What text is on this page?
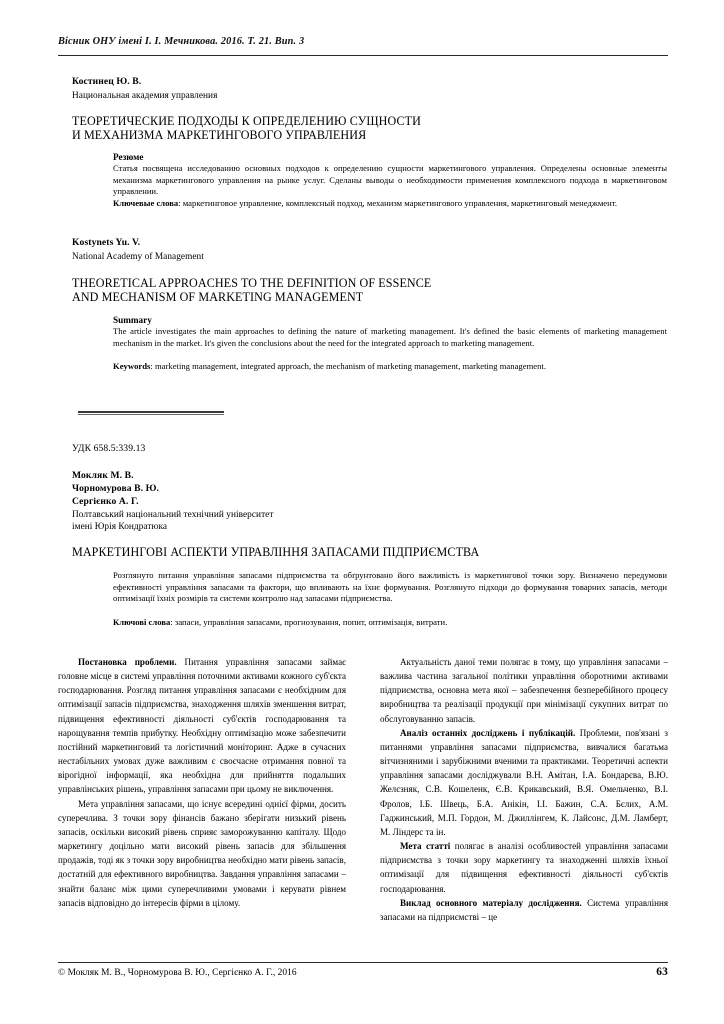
Вісник ОНУ імені І. І. Мечникова. 2016. Т. 21. Вип. 3
Костинец Ю. В.
Национальная академия управления
ТЕОРЕТИЧЕСКИЕ ПОДХОДЫ К ОПРЕДЕЛЕНИЮ СУЩНОСТИ
И МЕХАНИЗМА МАРКЕТИНГОВОГО УПРАВЛЕНИЯ
Резюме
Статья посвящена исследованию основных подходов к определению сущности маркетингового управления. Определены основные элементы механизма маркетингового управления на рынке услуг. Сделаны выводы о необходимости применения комплексного подхода в маркетинговом управлении.
Ключевые слова: маркетинговое управление, комплексный подход, механизм маркетингового управления, маркетинговый менеджмент.
Kostynets Yu. V.
National Academy of Management
THEORETICAL APPROACHES TO THE DEFINITION OF ESSENCE
AND MECHANISM OF MARKETING MANAGEMENT
Summary
The article investigates the main approaches to defining the nature of marketing management. It's defined the basic elements of marketing management mechanism in the market. It's given the conclusions about the need for the integrated approach to marketing management.
Keywords: marketing management, integrated approach, the mechanism of marketing management, marketing management.
УДК 658.5:339.13
Мокляк М. В.
Чорномурова В. Ю.
Сергієнко А. Г.
Полтавський національний технічний університет
імені Юрія Кондратюка
МАРКЕТИНГОВІ АСПЕКТИ УПРАВЛІННЯ ЗАПАСАМИ ПІДПРИЄМСТВА
Розглянуто питання управління запасами підприємства та обґрунтовано його важливість із маркетингової точки зору. Визначено передумови ефективності управління запасами та фактори, що впливають на їхнє формування. Розглянуто підходи до формування товарних запасів, методи оптимізації їхніх розмірів та системи контролю над запасами підприємства.
Ключові слова: запаси, управління запасами, прогнозування, попит, оптимізація, витрати.

Постановка проблеми. Питання управління запасами займає головне місце в системі управління поточними активами кожного суб'єкта господарювання. Розгляд питання управління запасами є необхідним для оптимізації запасів підприємства, знаходження шляхів зменшення витрат, підвищення ефективності діяльності суб'єктів господарювання та нарощування темпів прибутку. Необхідну оптимізацію може забезпечити постійний маркетинговий та логістичний моніторинг. Адже в сучасних нестабільних умовах дуже важливим є своєчасне отримання повної та вірогідної інформації, яка необхідна для прийняття подальших управлінських рішень, управління запасами при цьому не виключення.

Мета управління запасами, що існує всередині однієї фірми, досить суперечлива. З точки зору фінансів бажано зберігати низький рівень запасів, оскільки високий рівень сприяє заморожуванню капіталу. Щодо маркетингу доцільно мати високий рівень запасів для збільшення продажів, тоді як з точки зору виробництва необхідно мати рівень запасів, достатній для ефективного виробництва. Завдання управління запасами – знайти баланс між цими суперечливими умовами і керувати рівнем запасів відповідно до інтересів фірми в цілому.

Актуальність даної теми полягає в тому, що управління запасами – важлива частина загальної політики управління оборотними активами підприємства, основна мета якої – забезпечення безперебійного процесу виробництва та реалізації продукції при мінімізації сукупних витрат по обслуговуванню запасів.

Аналіз останніх досліджень і публікацій. Проблеми, пов'язані з питаннями управління запасами підприємства, вивчалися багатьма вітчизняними і зарубіжними вченими та практиками. Теоретичні аспекти управління запасами досліджували В.Н. Амітан, І.А. Бондарєва, В.Ю. Желєзняк, С.В. Кошеленк, Є.В. Крикавський, В.Я. Омельченко, В.І. Фролов, І.Б. Швець, Б.А. Анікін, І.І. Бажин, С.А. Бєлих, А.М. Гаджинський, М.П. Гордон, М. Джиллінгем, К. Лайсонс, Д.М. Ламберт, М. Ліндерс та ін.

Мета статті полягає в аналізі особливостей управління запасами підприємства з точки зору маркетингу та знаходженні шляхів їхньої оптимізації для підвищення ефективності діяльності суб'єктів господарювання.

Виклад основного матеріалу дослідження. Система управління запасами на підприємстві – це

© Мокляк М. В., Чорномурова В. Ю., Сергієнко А. Г., 2016	63
